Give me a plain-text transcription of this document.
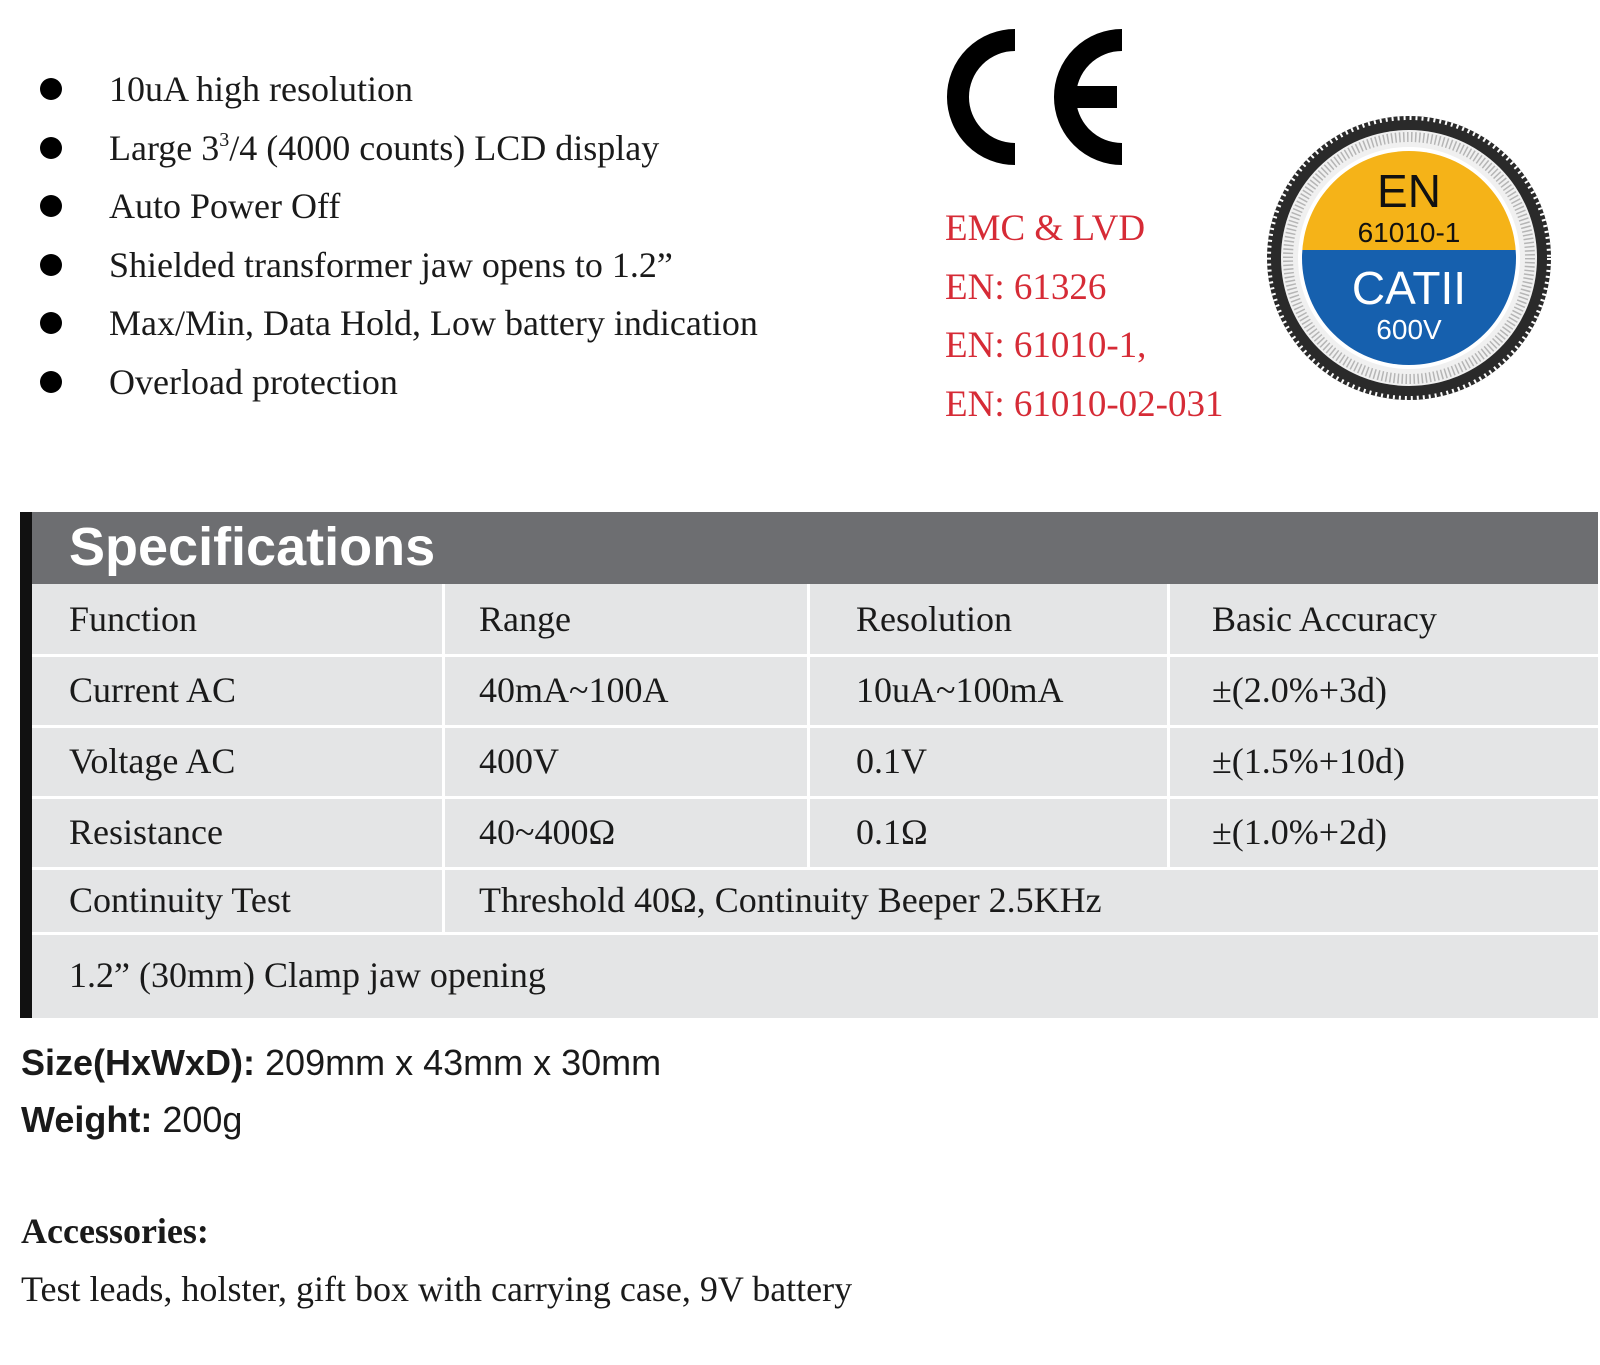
10uA high resolution
Large $3^3/4$ (4000 counts) LCD display
Auto Power Off
Shielded transformer jaw opens to 1.2”
Max/Min, Data Hold, Low battery indication
Overload protection
EMC & LVD
EN: 61326
EN: 61010-1,
EN: 61010-02-031
EN
61010-1
CATII
600V
Specifications
Function	Range	Resolution	Basic Accuracy
Current AC	40mA~100A	10uA~100mA	±(2.0%+3d)
Voltage AC	400V	0.1V	±(1.5%+10d)
Resistance	40~400Ω	0.1Ω	±(1.0%+2d)
Continuity Test	Threshold 40Ω, Continuity Beeper 2.5KHz
1.2” (30mm) Clamp jaw opening
Size(HxWxD): 209mm x 43mm x 30mm
Weight: 200g
Accessories:
Test leads, holster, gift box with carrying case, 9V battery
